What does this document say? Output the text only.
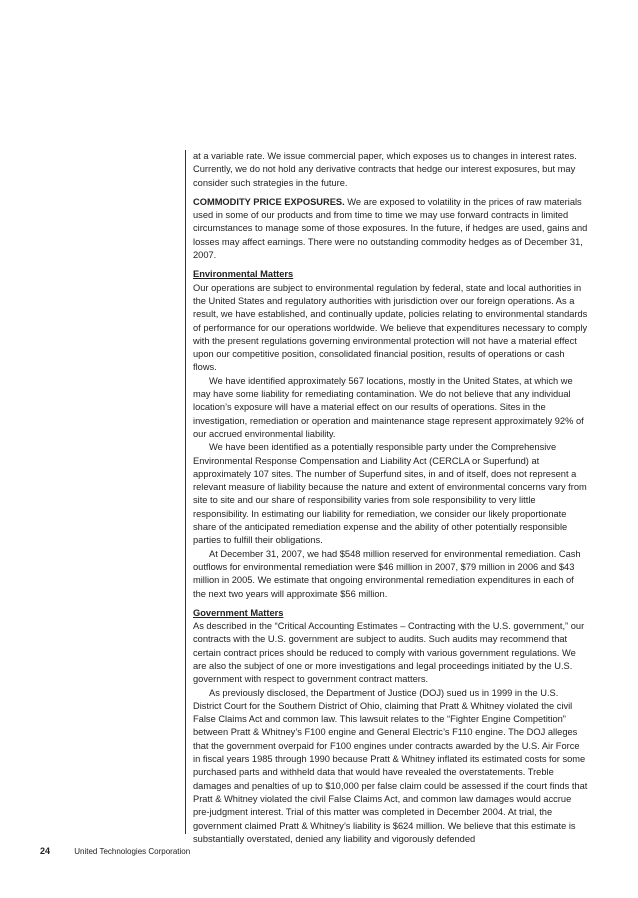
at a variable rate. We issue commercial paper, which exposes us to changes in interest rates. Currently, we do not hold any derivative contracts that hedge our interest exposures, but may consider such strategies in the future.

COMMODITY PRICE EXPOSURES. We are exposed to volatility in the prices of raw materials used in some of our products and from time to time we may use forward contracts in limited circumstances to manage some of those exposures. In the future, if hedges are used, gains and losses may affect earnings. There were no outstanding commodity hedges as of December 31, 2007.

Environmental Matters

Our operations are subject to environmental regulation by federal, state and local authorities in the United States and regulatory authorities with jurisdiction over our foreign operations. As a result, we have established, and continually update, policies relating to environmental standards of performance for our operations worldwide. We believe that expenditures necessary to comply with the present regulations governing environmental protection will not have a material effect upon our competitive position, consolidated financial position, results of operations or cash flows.

We have identified approximately 567 locations, mostly in the United States, at which we may have some liability for remediating contamination. We do not believe that any individual location’s exposure will have a material effect on our results of operations. Sites in the investigation, remediation or operation and maintenance stage represent approximately 92% of our accrued environmental liability.

We have been identified as a potentially responsible party under the Comprehensive Environmental Response Compensation and Liability Act (CERCLA or Superfund) at approximately 107 sites. The number of Superfund sites, in and of itself, does not represent a relevant measure of liability because the nature and extent of environmental concerns vary from site to site and our share of responsibility varies from sole responsibility to very little responsibility. In estimating our liability for remediation, we consider our likely proportionate share of the anticipated remediation expense and the ability of other potentially responsible parties to fulfill their obligations.

At December 31, 2007, we had $548 million reserved for environmental remediation. Cash outflows for environmental remediation were $46 million in 2007, $79 million in 2006 and $43 million in 2005. We estimate that ongoing environmental remediation expenditures in each of the next two years will approximate $56 million.

Government Matters

As described in the “Critical Accounting Estimates – Contracting with the U.S. government,” our contracts with the U.S. government are subject to audits. Such audits may recommend that certain contract prices should be reduced to comply with various government regulations. We are also the subject of one or more investigations and legal proceedings initiated by the U.S. government with respect to government contract matters.

As previously disclosed, the Department of Justice (DOJ) sued us in 1999 in the U.S. District Court for the Southern District of Ohio, claiming that Pratt & Whitney violated the civil False Claims Act and common law. This lawsuit relates to the “Fighter Engine Competition” between Pratt & Whitney’s F100 engine and General Electric’s F110 engine. The DOJ alleges that the government overpaid for F100 engines under contracts awarded by the U.S. Air Force in fiscal years 1985 through 1990 because Pratt & Whitney inflated its estimated costs for some purchased parts and withheld data that would have revealed the overstatements. Treble damages and penalties of up to $10,000 per false claim could be assessed if the court finds that Pratt & Whitney violated the civil False Claims Act, and common law damages would accrue pre-judgment interest. Trial of this matter was completed in December 2004. At trial, the government claimed Pratt & Whitney’s liability is $624 million. We believe that this estimate is substantially overstated, denied any liability and vigorously defended

24	United Technologies Corporation
